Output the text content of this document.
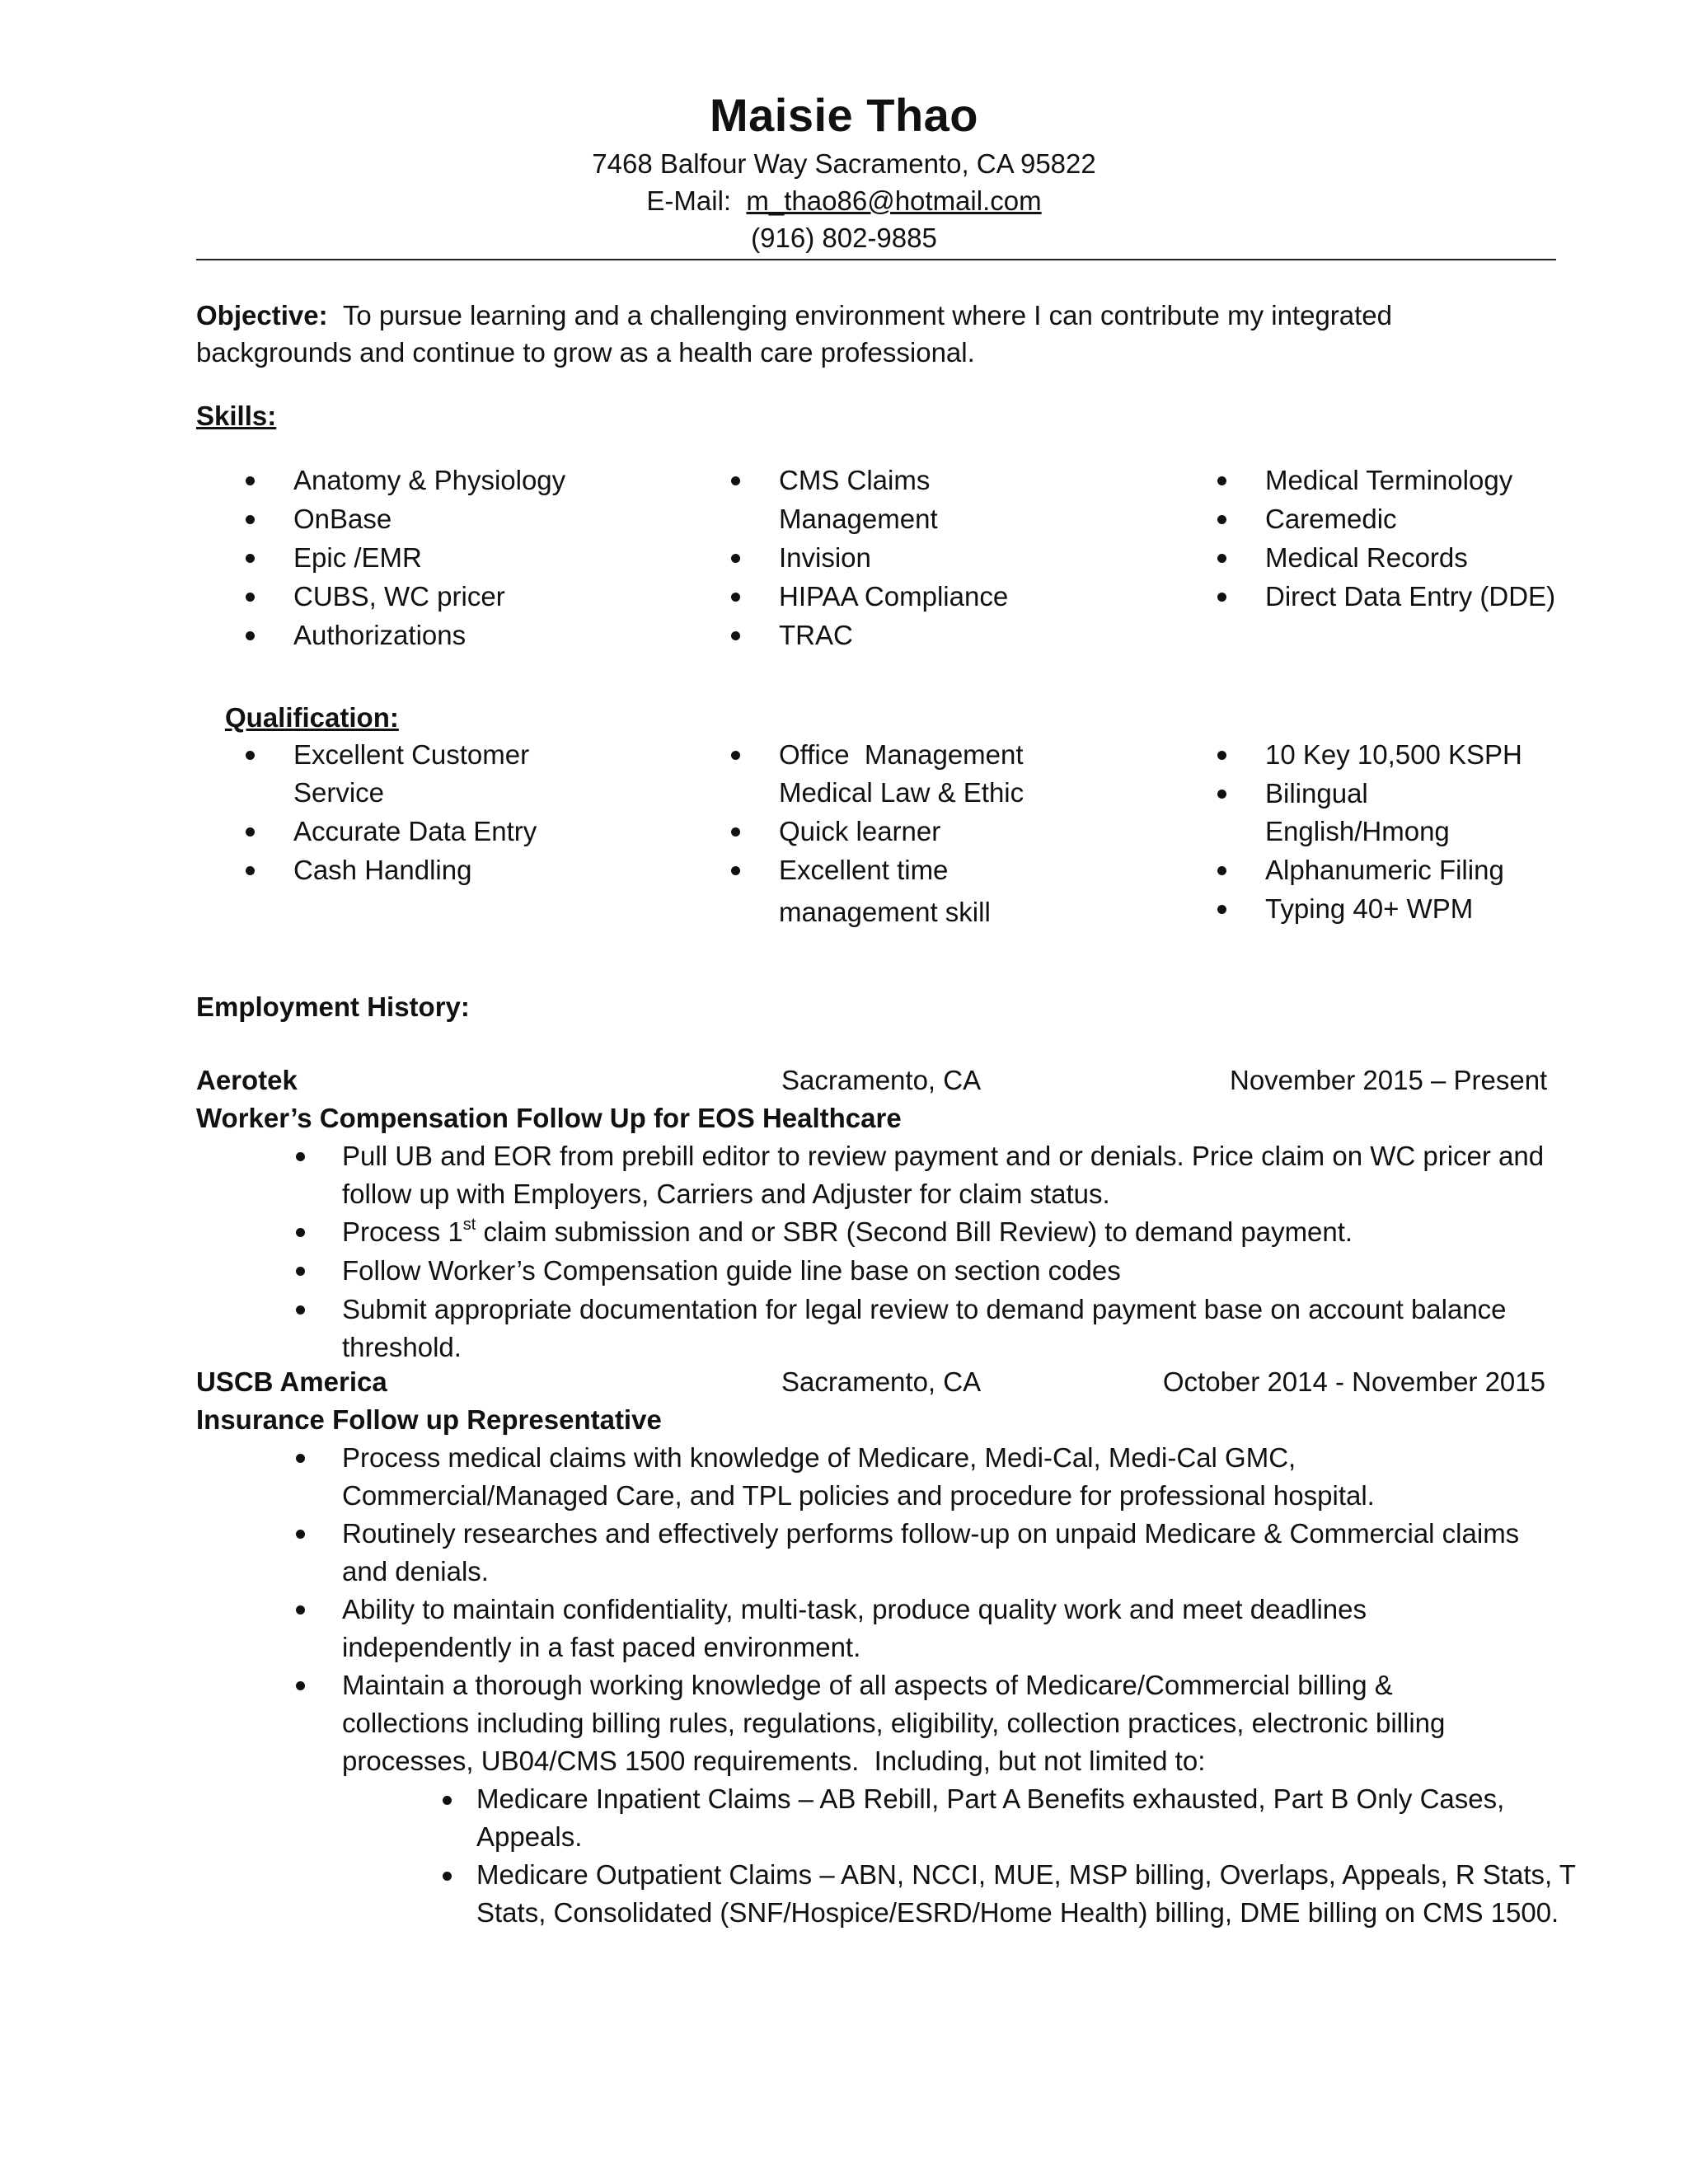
Maisie Thao
7468 Balfour Way Sacramento, CA 95822
E-Mail: m_thao86@hotmail.com
(916) 802-9885
Objective: To pursue learning and a challenging environment where I can contribute my integrated
backgrounds and continue to grow as a health care professional.
Skills:
Anatomy & Physiology
OnBase
Epic /EMR
CUBS, WC pricer
Authorizations
CMS Claims
Management
Invision
HIPAA Compliance
TRAC
Medical Terminology
Caremedic
Medical Records
Direct Data Entry (DDE)
Qualification:
Excellent Customer
Service
Accurate Data Entry
Cash Handling
Office  Management
Medical Law & Ethic
Quick learner
Excellent time
management skill
10 Key 10,500 KSPH
Bilingual
English/Hmong
Alphanumeric Filing
Typing 40+ WPM
Employment History:
Aerotek	Sacramento, CA	November 2015 – Present
Worker’s Compensation Follow Up for EOS Healthcare
Pull UB and EOR from prebill editor to review payment and or denials. Price claim on WC pricer and
follow up with Employers, Carriers and Adjuster for claim status.
Process 1st claim submission and or SBR (Second Bill Review) to demand payment.
Follow Worker’s Compensation guide line base on section codes
Submit appropriate documentation for legal review to demand payment base on account balance
threshold.
USCB America	Sacramento, CA	October 2014 - November 2015
Insurance Follow up Representative
Process medical claims with knowledge of Medicare, Medi-Cal, Medi-Cal GMC,
Commercial/Managed Care, and TPL policies and procedure for professional hospital.
Routinely researches and effectively performs follow-up on unpaid Medicare & Commercial claims
and denials.
Ability to maintain confidentiality, multi-task, produce quality work and meet deadlines
independently in a fast paced environment.
Maintain a thorough working knowledge of all aspects of Medicare/Commercial billing &
collections including billing rules, regulations, eligibility, collection practices, electronic billing
processes, UB04/CMS 1500 requirements.  Including, but not limited to:
Medicare Inpatient Claims – AB Rebill, Part A Benefits exhausted, Part B Only Cases,
Appeals.
Medicare Outpatient Claims – ABN, NCCI, MUE, MSP billing, Overlaps, Appeals, R Stats, T
Stats, Consolidated (SNF/Hospice/ESRD/Home Health) billing, DME billing on CMS 1500.
